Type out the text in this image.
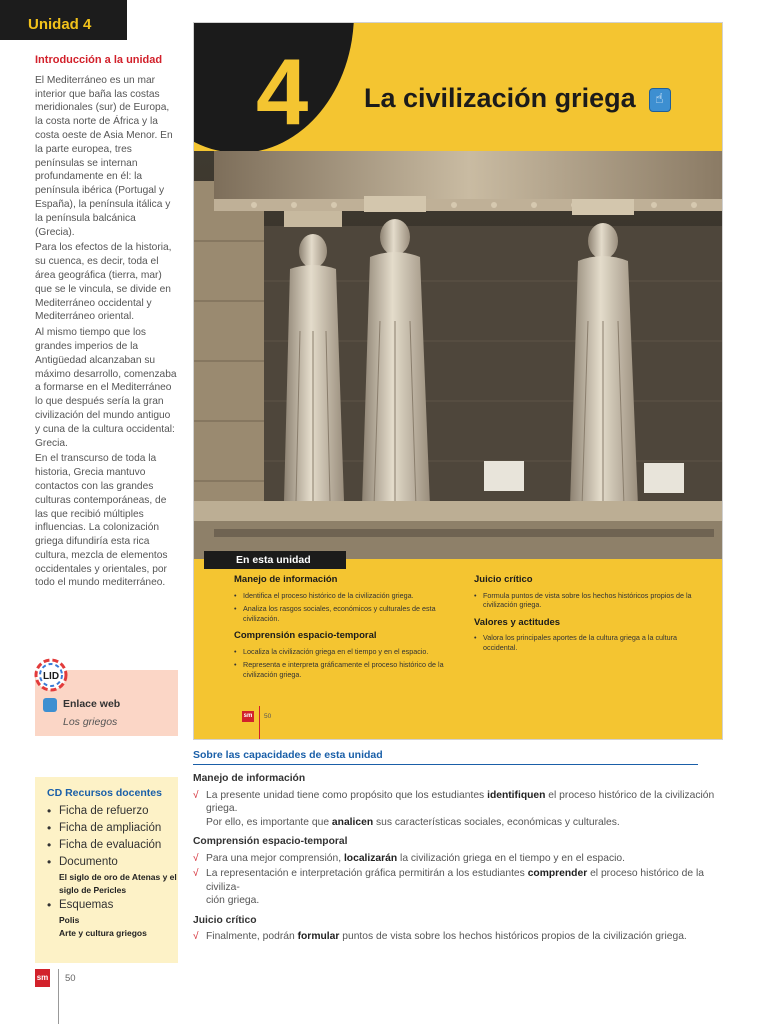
Unidad 4
Introducción a la unidad

El Mediterráneo es un mar interior que baña las costas meridionales (sur) de Europa, la costa norte de África y la costa oeste de Asia Menor. En la parte europea, tres penínsulas se internan profundamente en él: la península ibérica (Portugal y España), la península itálica y la península balcánica (Grecia).

Para los efectos de la historia, su cuenca, es decir, toda el área geográfica (tierra, mar) que se le vincula, se divide en Mediterráneo occidental y Mediterráneo oriental.

Al mismo tiempo que los grandes imperios de la Antigüedad alcanzaban su máximo desarrollo, comenzaba a formarse en el Mediterráneo lo que después sería la gran civilización del mundo antiguo y cuna de la cultura occidental: Grecia.

En el transcurso de toda la historia, Grecia mantuvo contactos con las grandes culturas contemporáneas, de las que recibió múltiples influencias. La colonización griega difundiría esta rica cultura, mezcla de elementos occidentales y orientales, por todo el mundo mediterráneo.

Enlace web
Los griegos
LID
CD Recursos docentes
• Ficha de refuerzo
• Ficha de ampliación
• Ficha de evaluación
• Documento
El siglo de oro de Atenas y el
siglo de Pericles
• Esquemas
Polis
Arte y cultura griegos
4 La civilización griega ☝
En esta unidad
Manejo de información
• Identifica el proceso histórico de la civilización griega.
• Analiza los rasgos sociales, económicos y culturales de esta civilización.
Comprensión espacio-temporal
• Localiza la civilización griega en el tiempo y en el espacio.
• Representa e interpreta gráficamente el proceso histórico de la civilización griega.
Juicio crítico
• Formula puntos de vista sobre los hechos históricos propios de la civilización griega.
Valores y actitudes
• Valora los principales aportes de la cultura griega a la cultura occidental.
sm 50
Sobre las capacidades de esta unidad
Manejo de información
√ La presente unidad tiene como propósito que los estudiantes identifiquen el proceso histórico de la civilización griega.
Por ello, es importante que analicen sus características sociales, económicas y culturales.
Comprensión espacio-temporal
√ Para una mejor comprensión, localizarán la civilización griega en el tiempo y en el espacio.
√ La representación e interpretación gráfica permitirán a los estudiantes comprender el proceso histórico de la civiliza-
ción griega.
Juicio crítico
√ Finalmente, podrán formular puntos de vista sobre los hechos históricos propios de la civilización griega.
sm 50
